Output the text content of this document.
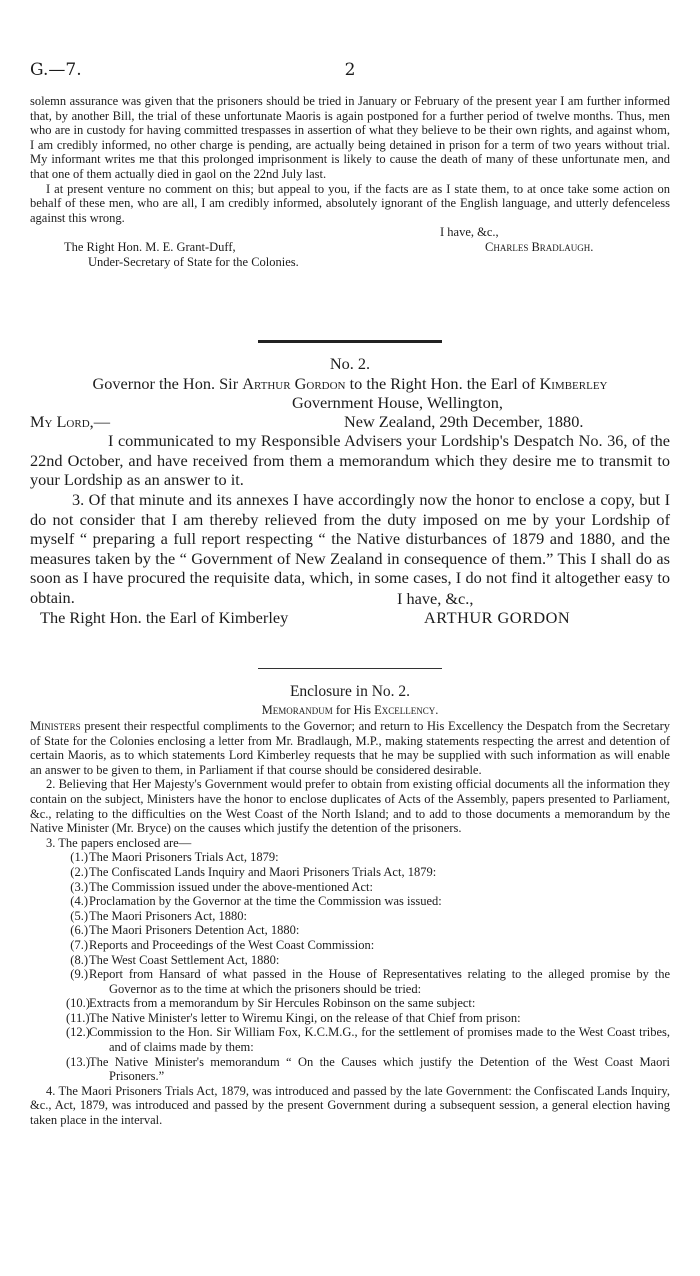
G.—7.	2

solemn assurance was given that the prisoners should be tried in January or February of the present year I am further informed that, by another Bill, the trial of these unfortunate Maoris is again postponed for a further period of twelve months. Thus, men who are in custody for having committed trespasses in assertion of what they believe to be their own rights, and against whom, I am credibly informed, no other charge is pending, are actually being detained in prison for a term of two years without trial. My informant writes me that this prolonged imprisonment is likely to cause the death of many of these unfortunate men, and that one of them actually died in gaol on the 22nd July last.

I at present venture no comment on this; but appeal to you, if the facts are as I state them, to at once take some action on behalf of these men, who are all, I am credibly informed, absolutely ignorant of the English language, and utterly defenceless against this wrong.

I have, &c.,
The Right Hon. M. E. Grant-Duff,	Charles Bradlaugh.
Under-Secretary of State for the Colonies.

No. 2.

Governor the Hon. Sir Arthur Gordon to the Right Hon. the Earl of Kimberley

Government House, Wellington,
My Lord,—	New Zealand, 29th December, 1880.

I communicated to my Responsible Advisers your Lordship's Despatch No. 36, of the 22nd October, and have received from them a memorandum which they desire me to transmit to your Lordship as an answer to it.

3. Of that minute and its annexes I have accordingly now the honor to enclose a copy, but I do not consider that I am thereby relieved from the duty imposed on me by your Lordship of myself “ preparing a full report respecting “ the Native disturbances of 1879 and 1880, and the measures taken by the “ Government of New Zealand in consequence of them.” This I shall do as soon as I have procured the requisite data, which, in some cases, I do not find it altogether easy to obtain.	I have, &c.,
The Right Hon. the Earl of Kimberley	ARTHUR GORDON

Enclosure in No. 2.

Memorandum for His Excellency.

Ministers present their respectful compliments to the Governor; and return to His Excellency the Despatch from the Secretary of State for the Colonies enclosing a letter from Mr. Bradlaugh, M.P., making statements respecting the arrest and detention of certain Maoris, as to which statements Lord Kimberley requests that he may be supplied with such information as will enable an answer to be given to them, in Parliament if that course should be considered desirable.

2. Believing that Her Majesty's Government would prefer to obtain from existing official documents all the information they contain on the subject, Ministers have the honor to enclose duplicates of Acts of the Assembly, papers presented to Parliament, &c., relating to the difficulties on the West Coast of the North Island; and to add to those documents a memorandum by the Native Minister (Mr. Bryce) on the causes which justify the detention of the prisoners.

3. The papers enclosed are—

(1.) The Maori Prisoners Trials Act, 1879:
(2.) The Confiscated Lands Inquiry and Maori Prisoners Trials Act, 1879:
(3.) The Commission issued under the above-mentioned Act:
(4.) Proclamation by the Governor at the time the Commission was issued:
(5.) The Maori Prisoners Act, 1880:
(6.) The Maori Prisoners Detention Act, 1880:
(7.) Reports and Proceedings of the West Coast Commission:
(8.) The West Coast Settlement Act, 1880:
(9.) Report from Hansard of what passed in the House of Representatives relating to the alleged promise by the Governor as to the time at which the prisoners should be tried:
(10.) Extracts from a memorandum by Sir Hercules Robinson on the same subject:
(11.) The Native Minister's letter to Wiremu Kingi, on the release of that Chief from prison:
(12.) Commission to the Hon. Sir William Fox, K.C.M.G., for the settlement of promises made to the West Coast tribes, and of claims made by them:
(13.) The Native Minister's memorandum “ On the Causes which justify the Detention of the West Coast Maori Prisoners.”

4. The Maori Prisoners Trials Act, 1879, was introduced and passed by the late Government: the Confiscated Lands Inquiry, &c., Act, 1879, was introduced and passed by the present Government during a subsequent session, a general election having taken place in the interval.
